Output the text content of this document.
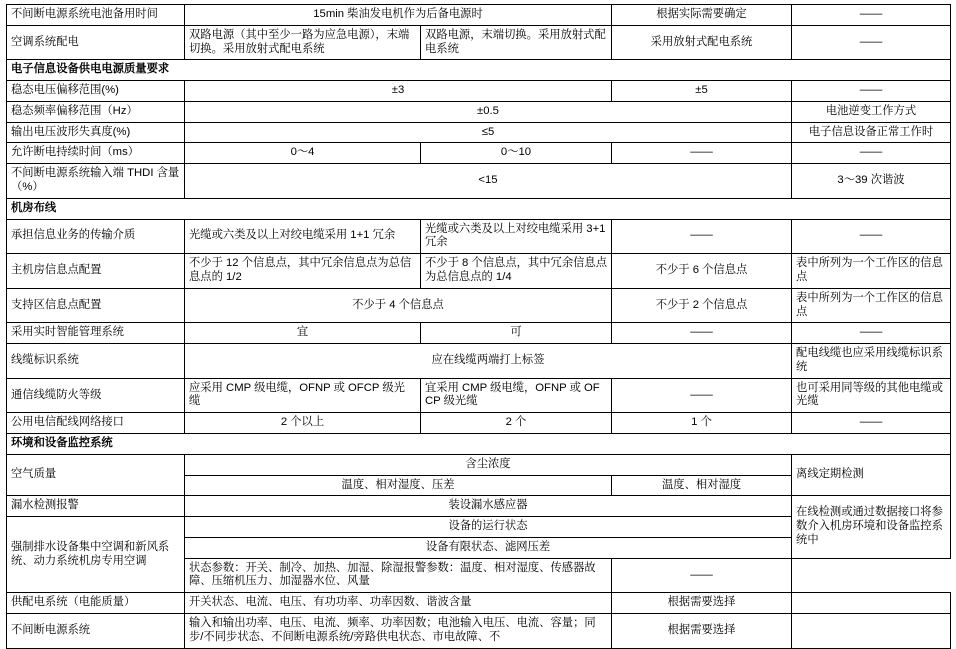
不间断电源系统电池备用时间	15min 柴油发电机作为后备电源时		根据实际需要确定	——
空调系统配电	双路电源（其中至少一路为应急电源），末端切换。采用放射式配电系统	双路电源，末端切换。采用放射式配电系统	采用放射式配电系统	——
电子信息设备供电电源质量要求				
稳态电压偏移范围(%)	±3		±5	——
稳态频率偏移范围（Hz）	±0.5			电池逆变工作方式
输出电压波形失真度(%)	≤5			电子信息设备正常工作时
允许断电持续时间（ms）	0～4	0～10	——	——
不间断电源系统输入端 THDI 含量（%）	<15			3～39 次谐波
机房布线				
承担信息业务的传输介质	光缆或六类及以上对绞电缆采用 1+1 冗余	光缆或六类及以上对绞电缆采用 3+1 冗余	——	——
主机房信息点配置	不少于 12 个信息点，其中冗余信息点为总信息点的 1/2	不少于 8 个信息点，其中冗余信息点为总信息点的 1/4	不少于 6 个信息点	表中所列为一个工作区的信息点
支持区信息点配置	不少于 4 个信息点		不少于 2 个信息点	表中所列为一个工作区的信息点
采用实时智能管理系统	宜	可	——	——
线缆标识系统	应在线缆两端打上标签			配电线缆也应采用线缆标识系统
通信线缆防火等级	应采用 CMP 级电缆，OFNP 或 OFCP 级光缆	宜采用 CMP 级电缆，OFNP 或 OFCP 级光缆	——	也可采用同等级的其他电缆或光缆
公用电信配线网络接口	2 个以上	2 个	1 个	——
环境和设备监控系统				
空气质量	含尘浓度			离线定期检测
	温度、相对湿度、压差		温度、相对湿度	
漏水检测报警	装设漏水感应器			在线检测或通过数据接口将参数介入机房环境和设备监控系统中
强制排水设备集中空调和新风系统、动力系统机房专用空调	设备的运行状态			
	设备有限状态、滤网压差			
	状态参数：开关、制冷、加热、加湿、除湿报警参数：温度、相对湿度、传感器故障、压缩机压力、加湿器水位、风量		——	
供配电系统（电能质量）	开关状态、电流、电压、有功功率、功率因数、谐波含量		根据需要选择	
不间断电源系统	输入和输出功率、电压、电流、频率、功率因数；电池输入电压、电流、容量；同步/不同步状态、不间断电源系统/旁路供电状态、市电故障、不		根据需要选择	
